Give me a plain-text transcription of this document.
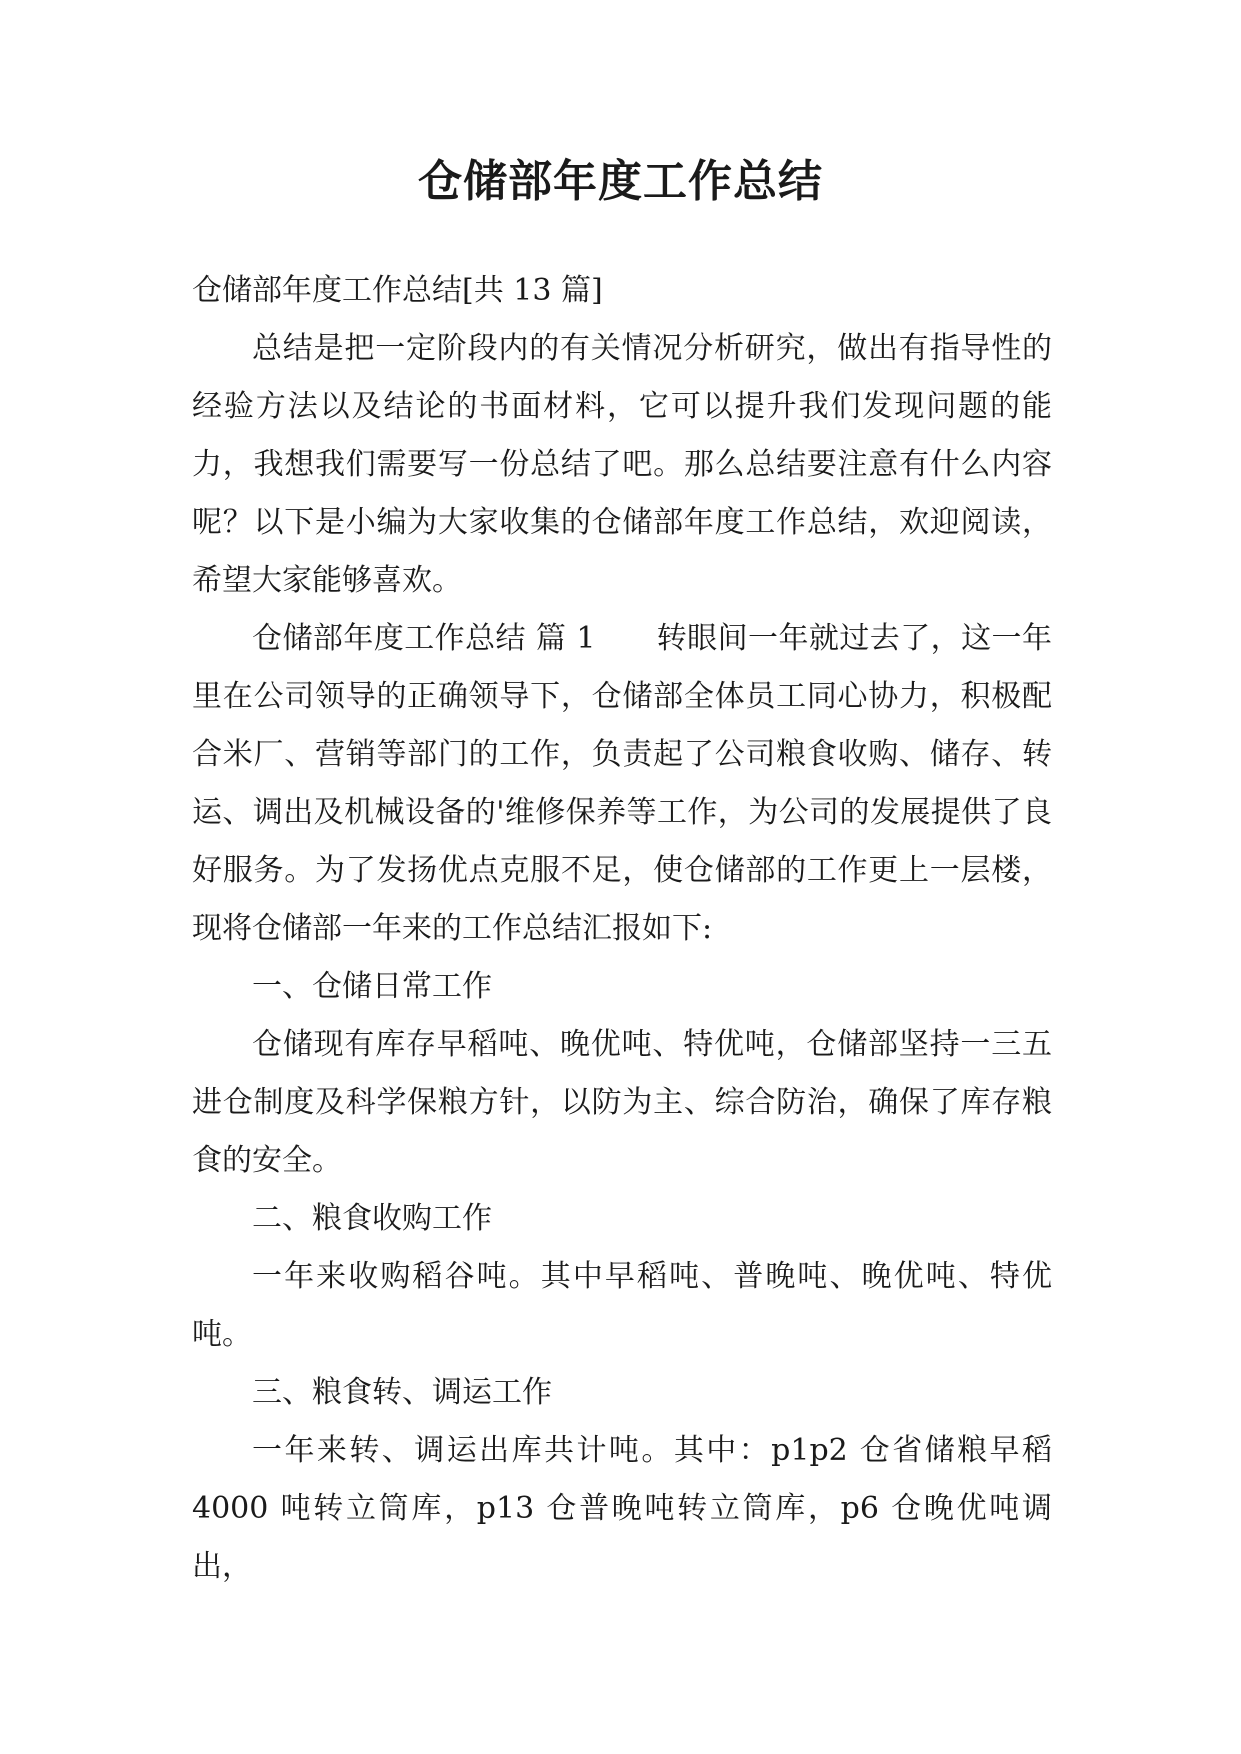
仓储部年度工作总结

仓储部年度工作总结[共 13 篇]

总结是把一定阶段内的有关情况分析研究，做出有指导性的经验方法以及结论的书面材料，它可以提升我们发现问题的能力，我想我们需要写一份总结了吧。那么总结要注意有什么内容呢？以下是小编为大家收集的仓储部年度工作总结，欢迎阅读，希望大家能够喜欢。

仓储部年度工作总结 篇 1　　转眼间一年就过去了，这一年里在公司领导的正确领导下，仓储部全体员工同心协力，积极配合米厂、营销等部门的工作，负责起了公司粮食收购、储存、转运、调出及机械设备的'维修保养等工作，为公司的发展提供了良好服务。为了发扬优点克服不足，使仓储部的工作更上一层楼，现将仓储部一年来的工作总结汇报如下:

一、仓储日常工作

仓储现有库存早稻吨、晚优吨、特优吨，仓储部坚持一三五进仓制度及科学保粮方针，以防为主、综合防治，确保了库存粮食的安全。

二、粮食收购工作

一年来收购稻谷吨。其中早稻吨、普晚吨、晚优吨、特优吨。

三、粮食转、调运工作

一年来转、调运出库共计吨。其中：p1p2 仓省储粮早稻 4000 吨转立筒库，p13 仓普晚吨转立筒库，p6 仓晚优吨调出，
